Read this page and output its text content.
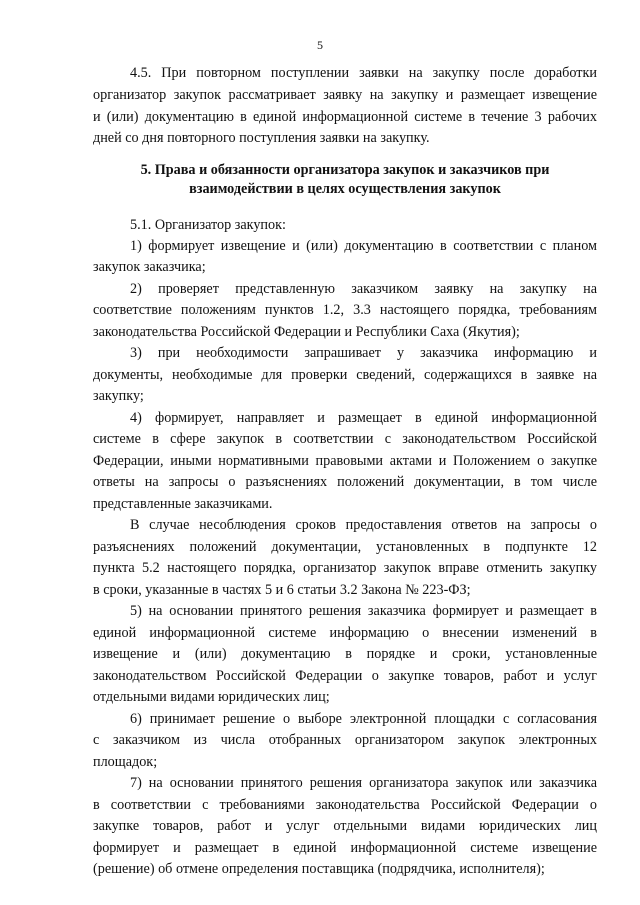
5
4.5. При повторном поступлении заявки на закупку после доработки
организатор закупок рассматривает заявку на закупку и размещает извещение
и (или) документацию в единой информационной системе в течение 3 рабочих
дней со дня повторного поступления заявки на закупку.
5. Права и обязанности организатора закупок и заказчиков при
взаимодействии в целях осуществления закупок
5.1. Организатор закупок:
1) формирует извещение и (или) документацию в соответствии с планом
закупок заказчика;
2) проверяет представленную заказчиком заявку на закупку на
соответствие положениям пунктов 1.2, 3.3 настоящего порядка, требованиям
законодательства Российской Федерации и Республики Саха (Якутия);
3) при необходимости запрашивает у заказчика информацию и
документы, необходимые для проверки сведений, содержащихся в заявке на
закупку;
4) формирует, направляет и размещает в единой информационной
системе в сфере закупок в соответствии с законодательством Российской
Федерации, иными нормативными правовыми актами и Положением о закупке
ответы на запросы о разъяснениях положений документации, в том числе
представленные заказчиками.
В случае несоблюдения сроков предоставления ответов на запросы о
разъяснениях положений документации, установленных в подпункте 12
пункта 5.2 настоящего порядка, организатор закупок вправе отменить закупку
в сроки, указанные в частях 5 и 6 статьи 3.2 Закона № 223-ФЗ;
5) на основании принятого решения заказчика формирует и размещает в
единой информационной системе информацию о внесении изменений в
извещение и (или) документацию в порядке и сроки, установленные
законодательством Российской Федерации о закупке товаров, работ и услуг
отдельными видами юридических лиц;
6) принимает решение о выборе электронной площадки с согласования
с заказчиком из числа отобранных организатором закупок электронных
площадок;
7) на основании принятого решения организатора закупок или заказчика
в соответствии с требованиями законодательства Российской Федерации о
закупке товаров, работ и услуг отдельными видами юридических лиц
формирует и размещает в единой информационной системе извещение
(решение) об отмене определения поставщика (подрядчика, исполнителя);
